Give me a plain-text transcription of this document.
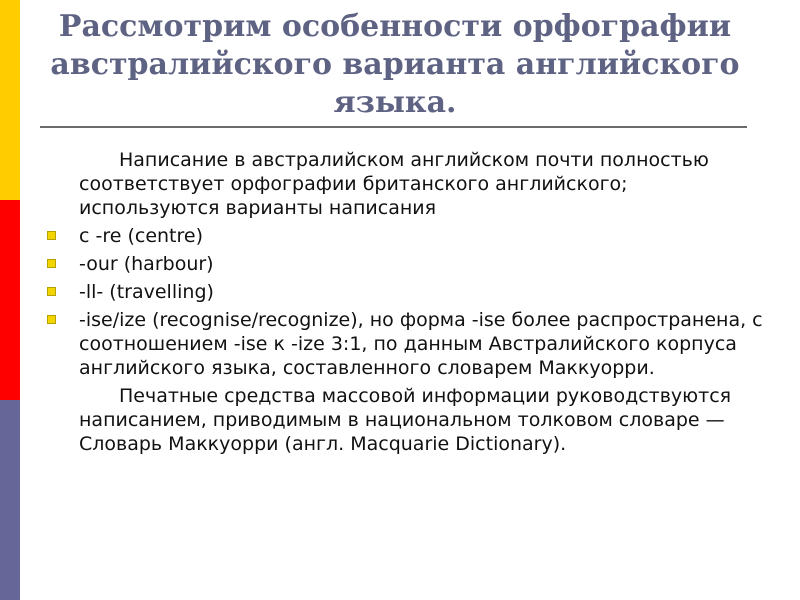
Рассмотрим особенности орфографии австралийского варианта английского языка.

Написание в австралийском английском почти полностью соответствует орфографии британского английского; используются варианты написания

с -re (centre)
-our (harbour)
-ll- (travelling)
-ise/ize (recognise/recognize), но форма -ise более распространена, с соотношением -ise к -ize 3:1, по данным Австралийского корпуса английского языка, составленного словарем Маккуорри.

Печатные средства массовой информации руководствуются написанием, приводимым в национальном толковом словаре — Словарь Маккуорри (англ. Macquarie Dictionary).
